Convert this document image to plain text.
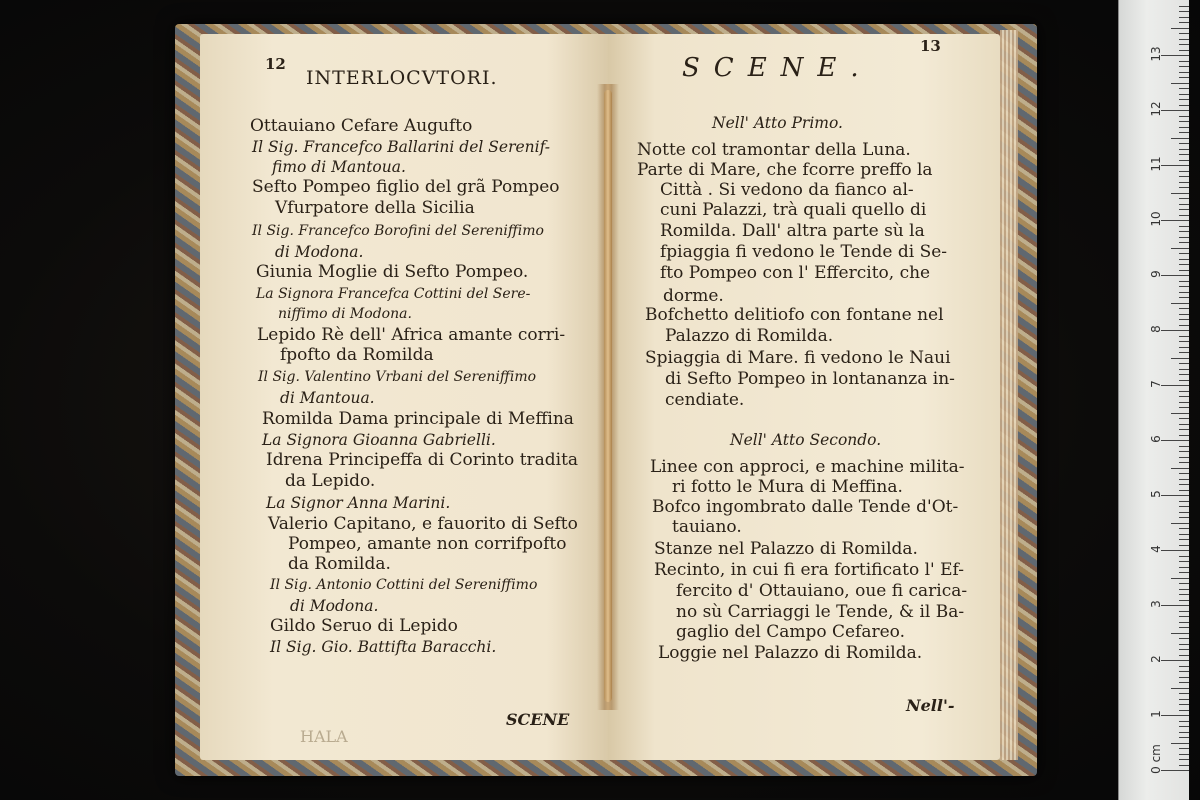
12
INTERLOCVTORI.
Ottauiano Cefare Augufto
Il Sig. Francefco Ballarini del Serenif-
fimo di Mantoua.
Sefto Pompeo figlio del grã Pompeo
Vfurpatore della Sicilia
Il Sig. Francefco Borofini del Sereniffimo
di Modona.
Giunia Moglie di Sefto Pompeo.
La Signora Francefca Cottini del Sere-
niffimo di Modona.
Lepido Rè dell' Africa amante corri-
fpofto da Romilda
Il Sig. Valentino Vrbani del Sereniffimo
di Mantoua.
Romilda Dama principale di Meffina
La Signora Gioanna Gabrielli.
Idrena Principeffa di Corinto tradita
da Lepido.
La Signor Anna Marini.
Valerio Capitano, e fauorito di Sefto
Pompeo, amante non corrifpofto
da Romilda.
Il Sig. Antonio Cottini del Sereniffimo
di Modona.
Gildo Seruo di Lepido
Il Sig. Gio. Battifta Baracchi.
HALA
SCENE
13
SCENE.
Nell' Atto Primo.
Notte col tramontar della Luna.
Parte di Mare, che fcorre preffo la
Città . Si vedono da fianco al-
cuni Palazzi, trà quali quello di
Romilda. Dall' altra parte sù la
fpiaggia fi vedono le Tende di Se-
fto Pompeo con l' Effercito, che
dorme.
Bofchetto delitiofo con fontane nel
Palazzo di Romilda.
Spiaggia di Mare. fi vedono le Naui
di Sefto Pompeo in lontananza in-
cendiate.
Nell' Atto Secondo.
Linee con approci, e machine milita-
ri fotto le Mura di Meffina.
Bofco ingombrato dalle Tende d'Ot-
tauiano.
Stanze nel Palazzo di Romilda.
Recinto, in cui fi era fortificato l' Ef-
fercito d' Ottauiano, oue fi carica-
no sù Carriaggi le Tende, & il Ba-
gaglio del Campo Cefareo.
Loggie nel Palazzo di Romilda.
Nell'-	1
2
3
4
5
6
7
8
9
10
11
12
13
0 cm
